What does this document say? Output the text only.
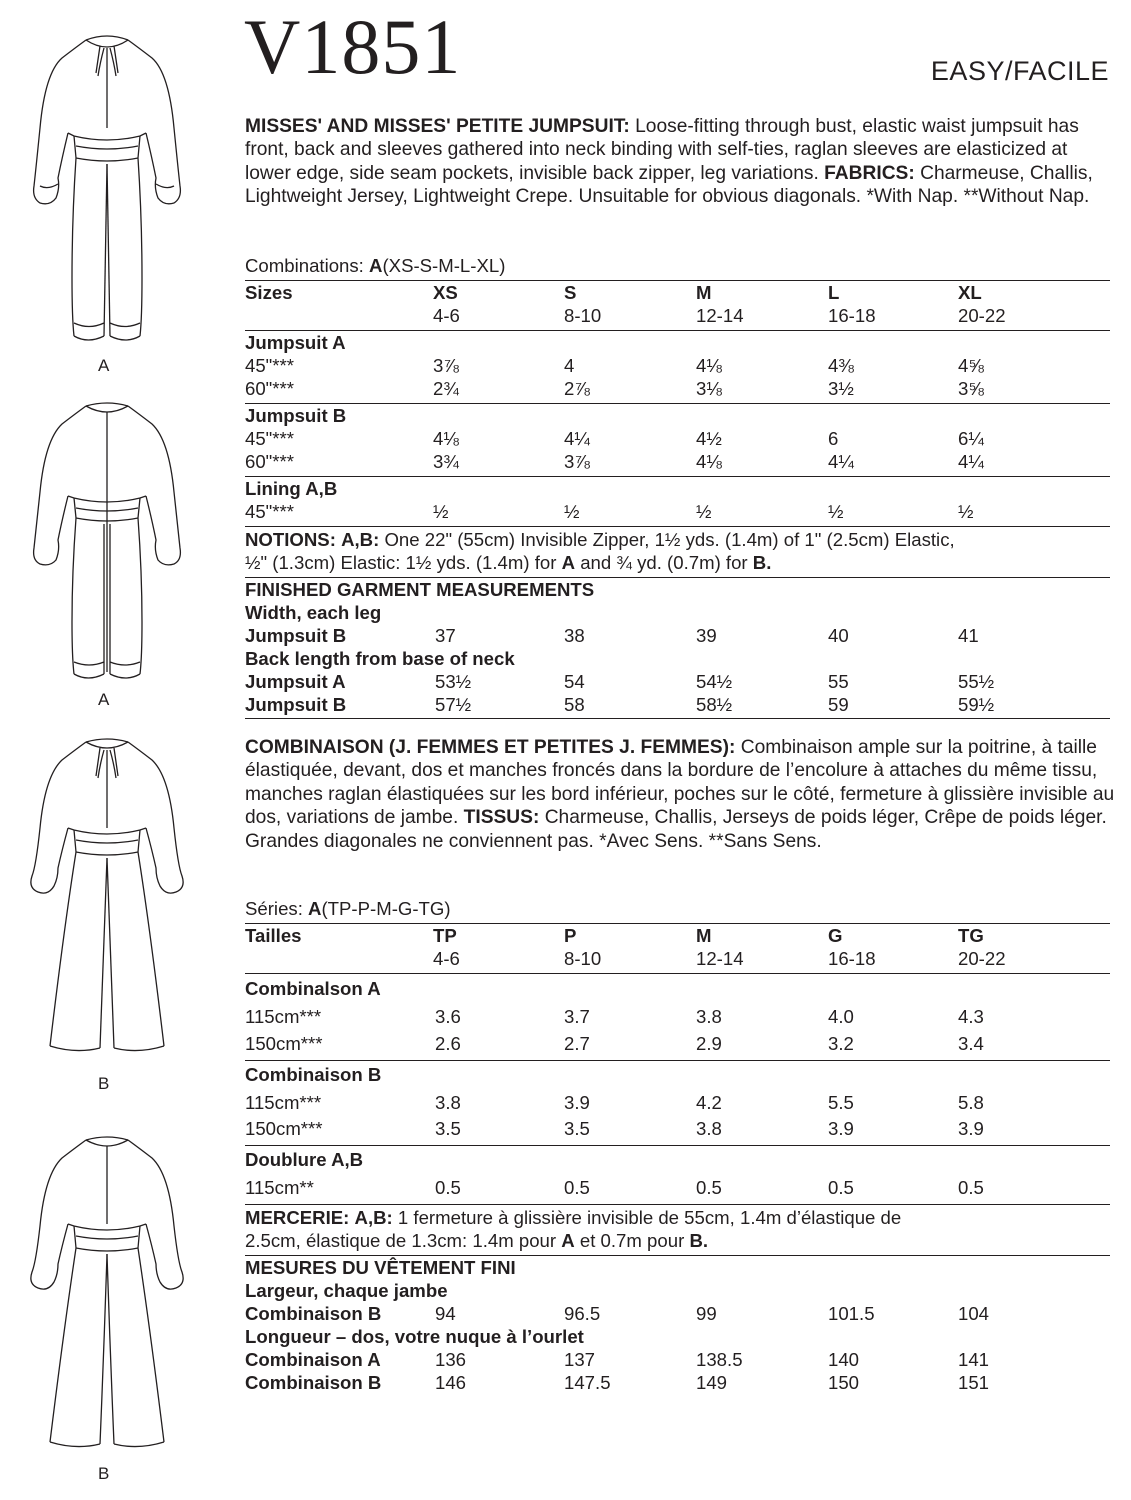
A
A
B
B
V1851	EASY/FACILE
MISSES' AND MISSES' PETITE JUMPSUIT: Loose-fitting through bust, elastic waist jumpsuit has front, back and sleeves gathered into neck binding with self-ties, raglan sleeves are elasticized at lower edge, side seam pockets, invisible back zipper, leg variations. FABRICS: Charmeuse, Challis, Lightweight Jersey, Lightweight Crepe. Unsuitable for obvious diagonals. *With Nap. **Without Nap.
Combinations: A(XS-S-M-L-XL)
Sizes	XS	S	M	L	XL
4-6	8-10	12-14	16-18	20-22
Jumpsuit A
45"***	3⅞	4	4⅛	4⅜	4⅝
60"***	2¾	2⅞	3⅛	3½	3⅝
Jumpsuit B
45"***	4⅛	4¼	4½	6	6¼
60"***	3¾	3⅞	4⅛	4¼	4¼
Lining A,B
45"***	½	½	½	½	½
NOTIONS: A,B: One 22" (55cm) Invisible Zipper, 1½ yds. (1.4m) of 1" (2.5cm) Elastic,
½" (1.3cm) Elastic: 1½ yds. (1.4m) for A and ¾ yd. (0.7m) for B.
FINISHED GARMENT MEASUREMENTS
Width, each leg
Jumpsuit B	37	38	39	40	41
Back length from base of neck
Jumpsuit A	53½	54	54½	55	55½
Jumpsuit B	57½	58	58½	59	59½
COMBINAISON (J. FEMMES ET PETITES J. FEMMES): Combinaison ample sur la poitrine, à taille élastiquée, devant, dos et manches froncés dans la bordure de l’encolure à attaches du même tissu, manches raglan élastiquées sur les bord inférieur, poches sur le côté, fermeture à glissière invisible au dos, variations de jambe. TISSUS: Charmeuse, Challis, Jerseys de poids léger, Crêpe de poids léger. Grandes diagonales ne conviennent pas. *Avec Sens. **Sans Sens.
Séries: A(TP-P-M-G-TG)
Tailles	TP	P	M	G	TG
4-6	8-10	12-14	16-18	20-22
Combinalson A
115cm***	3.6	3.7	3.8	4.0	4.3
150cm***	2.6	2.7	2.9	3.2	3.4
Combinaison B
115cm***	3.8	3.9	4.2	5.5	5.8
150cm***	3.5	3.5	3.8	3.9	3.9
Doublure A,B
115cm**	0.5	0.5	0.5	0.5	0.5
MERCERIE: A,B: 1 fermeture à glissière invisible de 55cm, 1.4m d’élastique de
2.5cm, élastique de 1.3cm: 1.4m pour A et 0.7m pour B.
MESURES DU VÊTEMENT FINI
Largeur, chaque jambe
Combinaison B	94	96.5	99	101.5	104
Longueur – dos, votre nuque à l’ourlet
Combinaison A	136	137	138.5	140	141
Combinaison B	146	147.5	149	150	151
